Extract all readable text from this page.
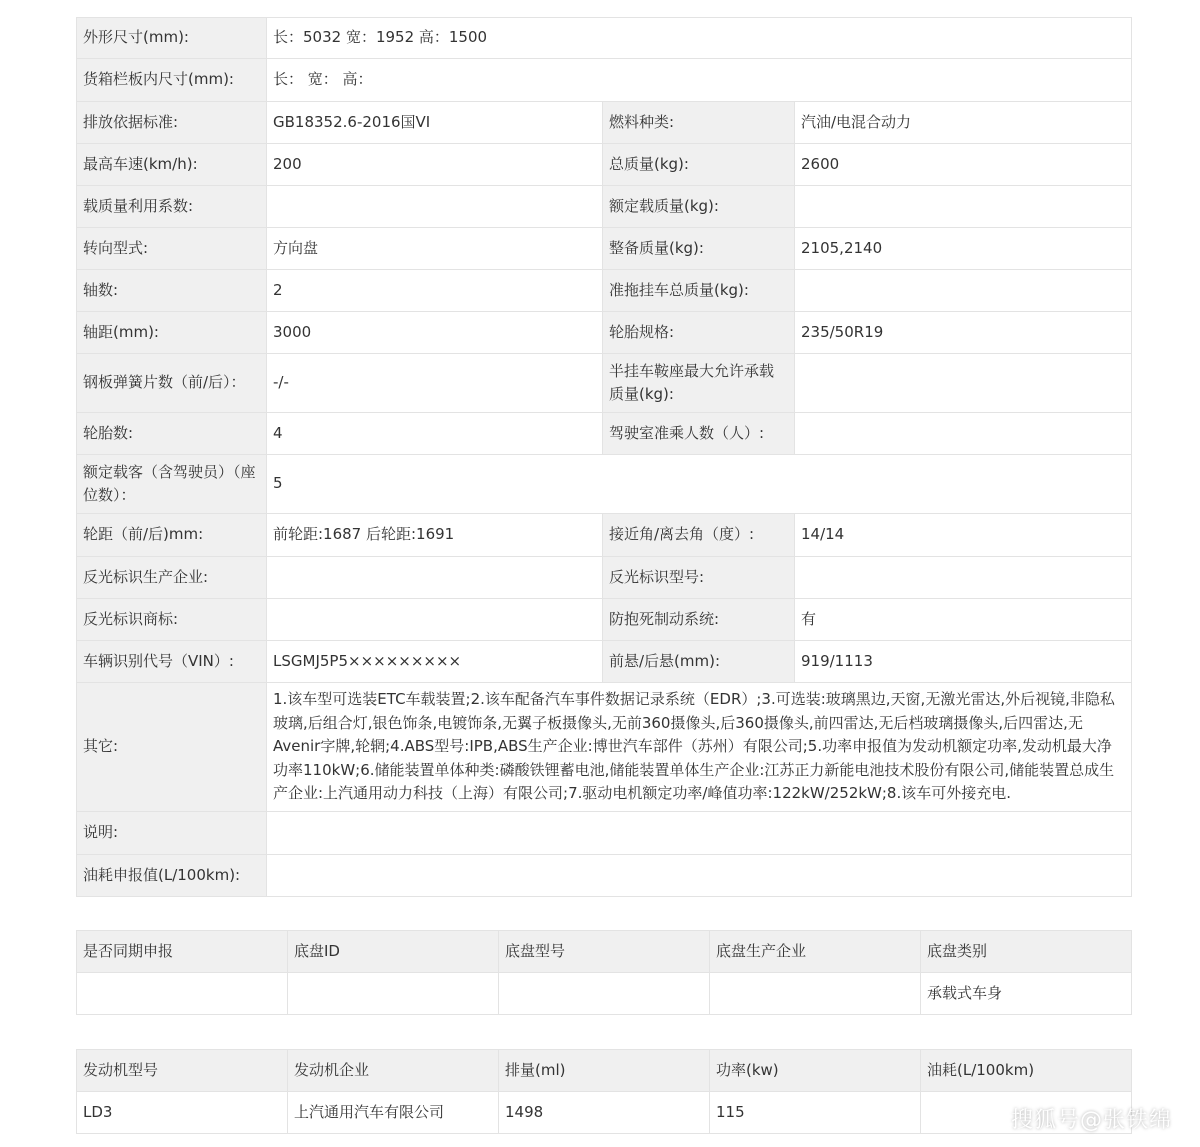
外形尺寸(mm):	长：5032 宽：1952 高：1500		
货箱栏板内尺寸(mm):	长： 宽： 高：		
排放依据标准:	GB18352.6-2016国VI	燃料种类:	汽油/电混合动力
最高车速(km/h):	200	总质量(kg):	2600
载质量利用系数:		额定载质量(kg):	
转向型式:	方向盘	整备质量(kg):	2105,2140
轴数:	2	准拖挂车总质量(kg):	
轴距(mm):	3000	轮胎规格:	235/50R19
钢板弹簧片数（前/后）：	-/-	半挂车鞍座最大允许承载质量(kg):	
轮胎数:	4	驾驶室准乘人数（人）:	
额定载客（含驾驶员）（座位数）：	5		
轮距（前/后)mm:	前轮距:1687 后轮距:1691	接近角/离去角（度）:	14/14
反光标识生产企业:		反光标识型号:	
反光标识商标:		防抱死制动系统:	有
车辆识别代号（VIN）:	LSGMJ5P5×××××××××	前悬/后悬(mm):	919/1113
其它:	1.该车型可选装ETC车载装置;2.该车配备汽车事件数据记录系统（EDR）;3.可选装:玻璃黑边,天窗,无激光雷达,外后视镜,非隐私玻璃,后组合灯,银色饰条,电镀饰条,无翼子板摄像头,无前360摄像头,后360摄像头,前四雷达,无后档玻璃摄像头,后四雷达,无Avenir字牌,轮辋;4.ABS型号:IPB,ABS生产企业:博世汽车部件（苏州）有限公司;5.功率申报值为发动机额定功率,发动机最大净功率110kW;6.储能装置单体种类:磷酸铁锂蓄电池,储能装置单体生产企业:江苏正力新能电池技术股份有限公司,储能装置总成生产企业:上汽通用动力科技（上海）有限公司;7.驱动电机额定功率/峰值功率:122kW/252kW;8.该车可外接充电.		
说明:			
油耗申报值(L/100km):			
是否同期申报	底盘ID	底盘型号	底盘生产企业	底盘类别
				承载式车身
发动机型号	发动机企业	排量(ml)	功率(kw)	油耗(L/100km)
LD3	上汽通用汽车有限公司	1498	115		搜狐号@张铁绵
